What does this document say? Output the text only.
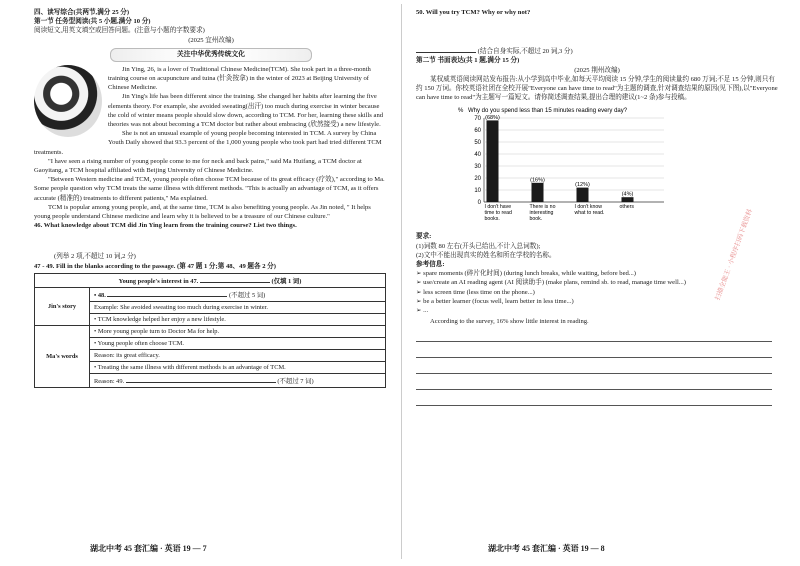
四、读写综合(共两节,满分 25 分)

第一节 任务型阅读(共 5 小题,满分 10 分)

阅读短文,用英文填空或回答问题。(注意与小题的字数要求)

(2025 宜州改编)

关注中华优秀传统文化

Jin Ying, 26, is a lover of Traditional Chinese Medicine(TCM). She took part in a three-month training course on acupuncture and tuina (针灸按拿) in the winter of 2023 at Beijing University of Chinese Medicine.

Jin Ying's life has been different since the training. She changed her habits after learning the five elements theory. For example, she avoided sweating(出汗) too much during exercise in winter because the cold of winter means people should slow down, according to TCM. For her, learning these skills and theories was not about becoming a TCM doctor but rather about embracing (欣然接受) a new lifestyle.

She is not an unusual example of young people becoming interested in TCM. A survey by China Youth Daily showed that 93.3 percent of the 1,000 young people who took part had tried different TCM treatments.

"I have seen a rising number of young people come to me for neck and back pains," said Ma Huifang, a TCM doctor at Gaoyitang, a TCM hospital affiliated with Beijing University of Chinese Medicine.

"Between Western medicine and TCM, young people often choose TCM because of its great efficacy (疗效)," according to Ma. Some people question why TCM treats the same illness with different methods. "This is actually an advantage of TCM, as it offers accurate (精准的) treatments to different patients," Ma explained.

TCM is popular among young people, and, at the same time, TCM is also benefiting young people. As Jin noted, " It helps young people understand Chinese medicine and learn why it is believed to be a treasure of our Chinese culture."

46. What knowledge about TCM did Jin Ying learn from the training course? List two things.

(列举 2 项,不超过 10 词,2 分)

47 - 49. Fill in the blanks according to the passage. (第 47 题 1 分;第 48、49 题各 2 分)

Young people's interest in 47. (仅填 1 词)	
Jin's story	• 48. (不超过 5 词)
	Example: She avoided sweating too much during exercise in winter.
	• TCM knowledge helped her enjoy a new lifestyle.
Ma's words	• More young people turn to Doctor Ma for help.
	• Young people often choose TCM.
	Reason: its great efficacy.
	• Treating the same illness with different methods is an advantage of TCM.
	Reason: 49. (不超过 7 词)
湖北中考 45 套汇编 · 英语 19 — 7

50. Will you try TCM? Why or why not?

(结合自身实际,不超过 20 词,3 分)

第二节 书面表达(共 1 题,满分 15 分)

(2025 荆州改编)

某权威英语阅读网站发布报告:从小学到高中毕业,如每天平均阅读 15 分钟,学生的阅读量约 680 万词;不足 15 分钟,则只有约 150 万词。你校英语社团在全校开展"Everyone can have time to read"为主题的调查,针对调查结果的原因(见下图),以"Everyone can have time to read"为主题写一篇短文。请你简述调查结果,提出合理的建议(1~2 条)参与投稿。

% Why do you spend less than 15 minutes reading every day?
0
10
20
30
40
50
60
70 (68%)
I don't have time to read books.
(16%)
There is no interesting book.
(12%)
I don't know what to read.
(4%)
others

要求:

(1)词数 80 左右(开头已给出,不计入总词数);

(2)文中不能出现真实的姓名和所在学校的名称。

参考信息:

➢ spare moments (碎片化时间) (during lunch breaks, while waiting, before bed...)

➢ use/create an AI reading agent (AI 阅读助手) (make plans, remind sb. to read, manage time well...)

➢ less screen time (less time on the phone...)

➢ be a better learner (focus well, learn better in less time...)

➢ ...

According to the survey, 16% show little interest in reading.

湖北中考 45 套汇编 · 英语 19 — 8
扫描全能王 · 小程序扫码下载资料
